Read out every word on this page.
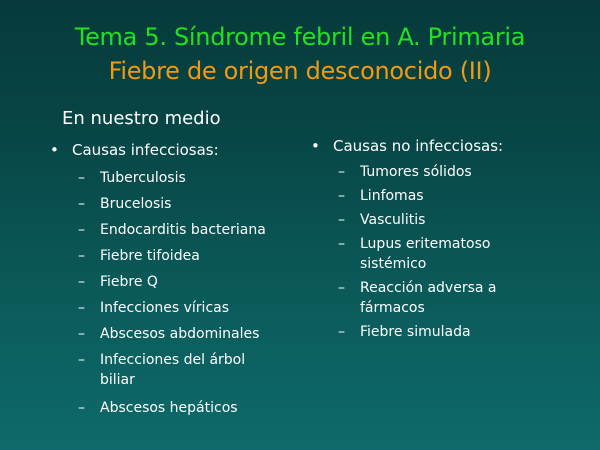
Tema 5. Síndrome febril en A. Primaria
Fiebre de origen desconocido (II)
En nuestro medio
• Causas infecciosas:
– Tuberculosis
– Brucelosis
– Endocarditis bacteriana
– Fiebre tifoidea
– Fiebre Q
– Infecciones víricas
– Abscesos abdominales
– Infecciones del árbol
biliar
– Abscesos hepáticos
• Causas no infecciosas:
– Tumores sólidos
– Linfomas
– Vasculitis
– Lupus eritematoso
sistémico
– Reacción adversa a
fármacos
– Fiebre simulada
